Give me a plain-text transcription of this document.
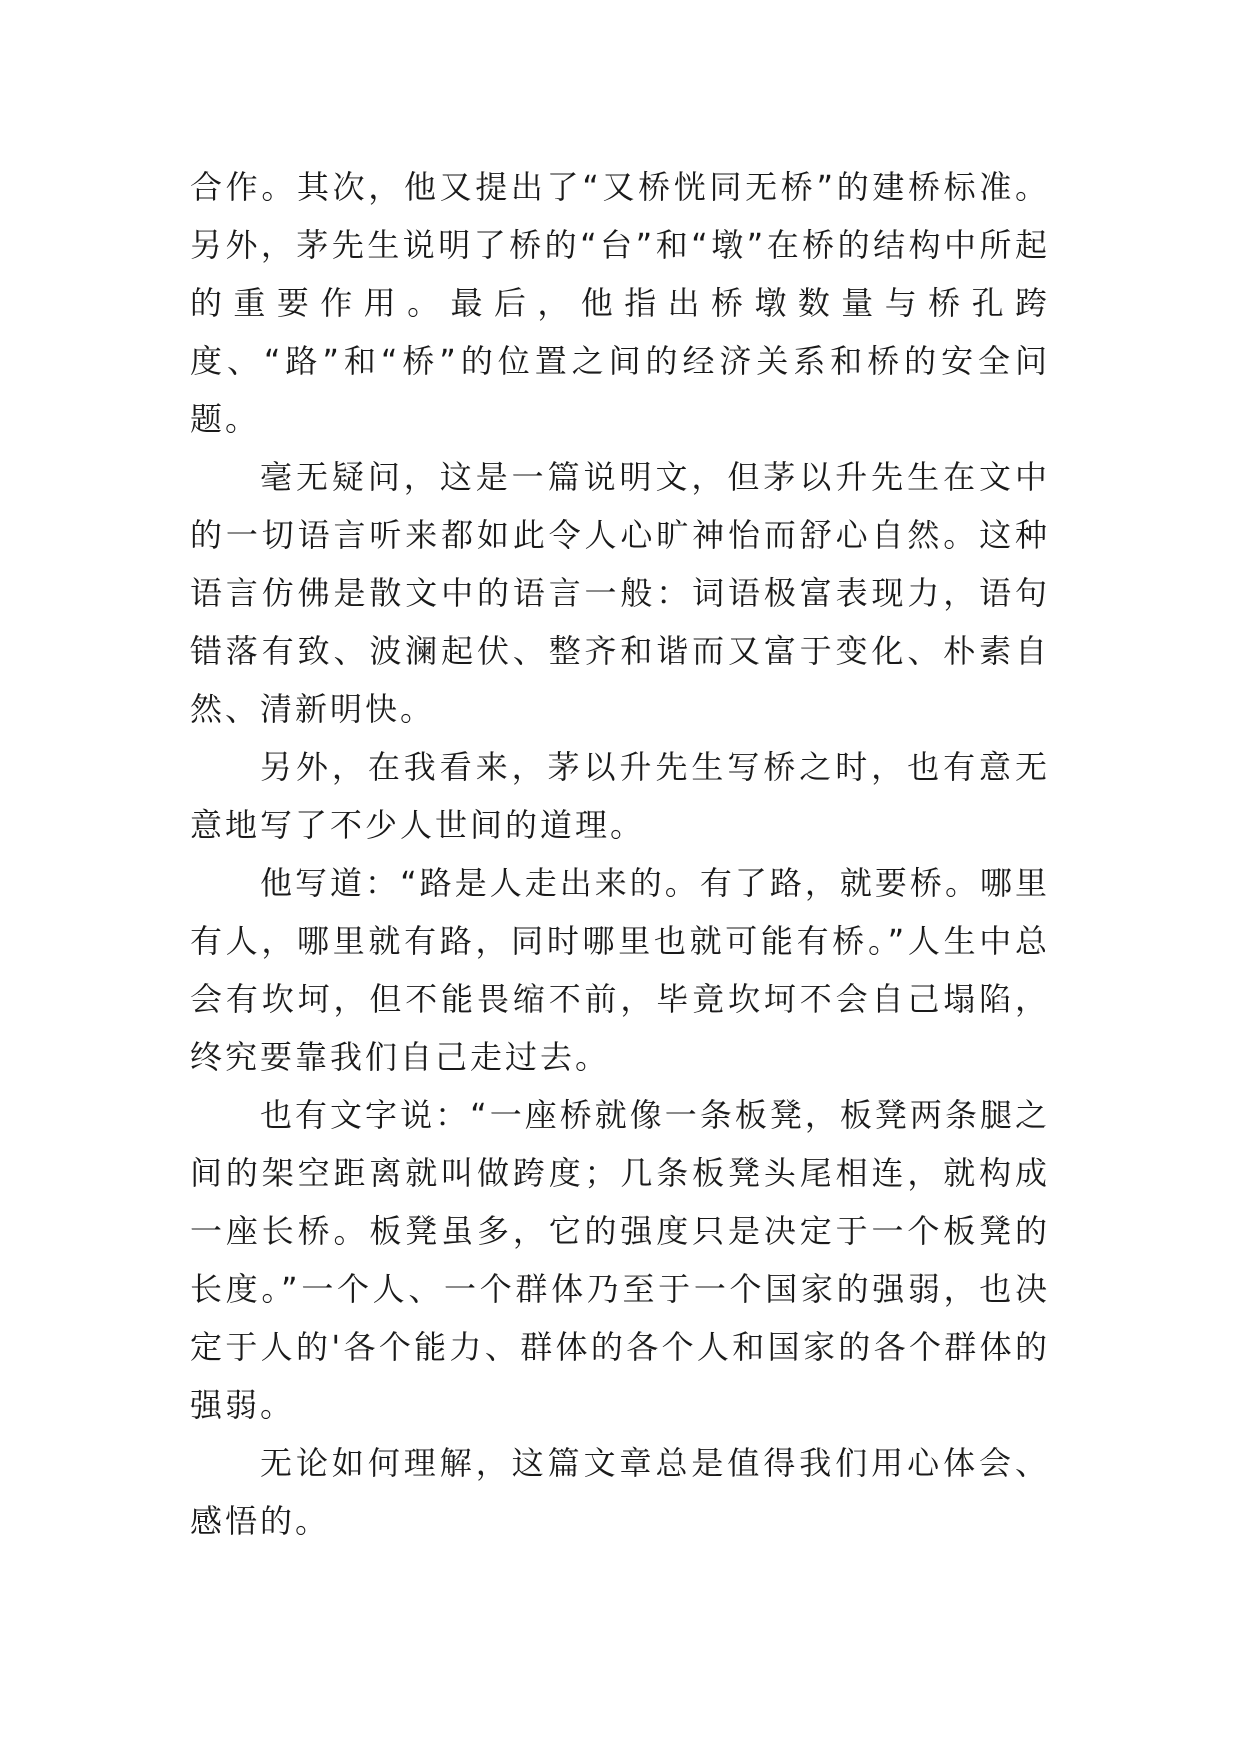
合作。其次，他又提出了“又桥恍同无桥”的建桥标准。另外，茅先生说明了桥的“台”和“墩”在桥的结构中所起的重要作用。最后，他指出桥墩数量与桥孔跨度、“路”和“桥”的位置之间的经济关系和桥的安全问题。

毫无疑问，这是一篇说明文，但茅以升先生在文中的一切语言听来都如此令人心旷神怡而舒心自然。这种语言仿佛是散文中的语言一般：词语极富表现力，语句错落有致、波澜起伏、整齐和谐而又富于变化、朴素自然、清新明快。

另外，在我看来，茅以升先生写桥之时，也有意无意地写了不少人世间的道理。

他写道：“路是人走出来的。有了路，就要桥。哪里有人，哪里就有路，同时哪里也就可能有桥。”人生中总会有坎坷，但不能畏缩不前，毕竟坎坷不会自己塌陷，终究要靠我们自己走过去。

也有文字说：“一座桥就像一条板凳，板凳两条腿之间的架空距离就叫做跨度；几条板凳头尾相连，就构成一座长桥。板凳虽多，它的强度只是决定于一个板凳的长度。”一个人、一个群体乃至于一个国家的强弱，也决定于人的'各个能力、群体的各个人和国家的各个群体的强弱。

无论如何理解，这篇文章总是值得我们用心体会、感悟的。
